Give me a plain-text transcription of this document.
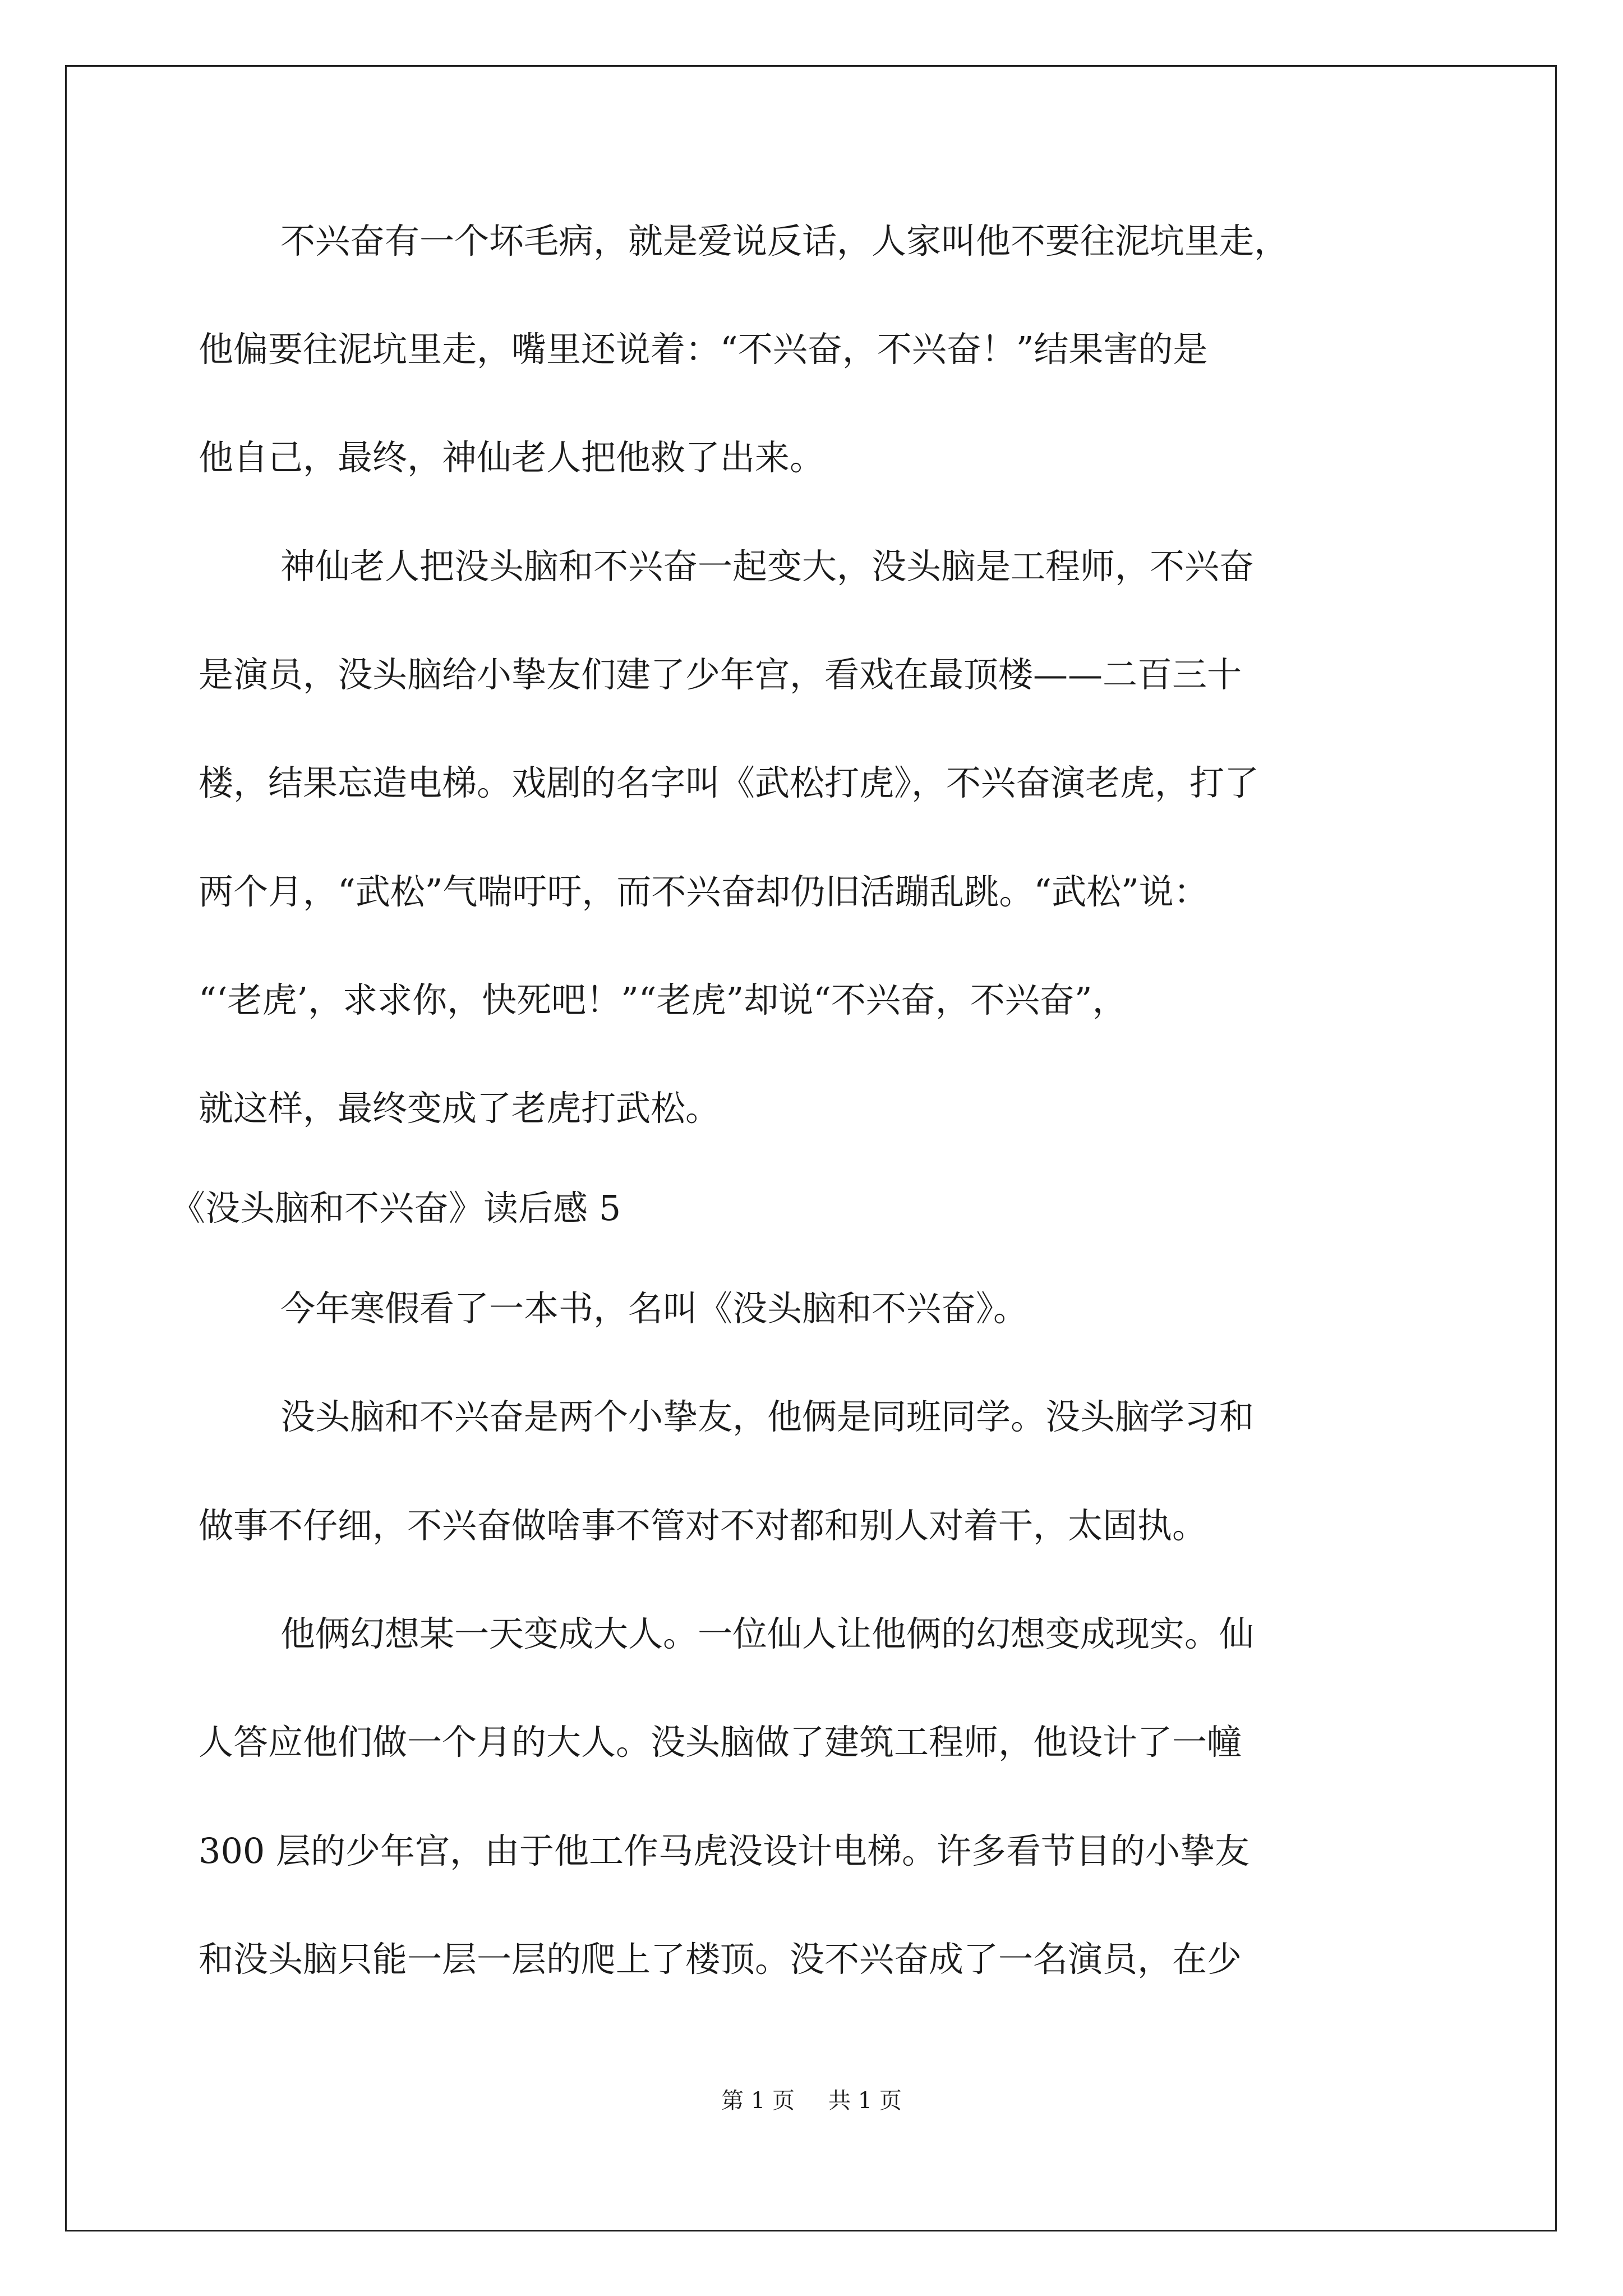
不兴奋有一个坏毛病，就是爱说反话，人家叫他不要往泥坑里走，
他偏要往泥坑里走，嘴里还说着：“不兴奋，不兴奋！”结果害的是
他自己，最终，神仙老人把他救了出来。
神仙老人把没头脑和不兴奋一起变大，没头脑是工程师，不兴奋
是演员，没头脑给小挚友们建了少年宫，看戏在最顶楼——二百三十
楼，结果忘造电梯。戏剧的名字叫《武松打虎》，不兴奋演老虎，打了
两个月，“武松”气喘吁吁，而不兴奋却仍旧活蹦乱跳。“武松”说：
“‘老虎’，求求你，快死吧！”“老虎”却说“不兴奋，不兴奋”，
就这样，最终变成了老虎打武松。
《没头脑和不兴奋》读后感 5
今年寒假看了一本书，名叫《没头脑和不兴奋》。
没头脑和不兴奋是两个小挚友，他俩是同班同学。没头脑学习和
做事不仔细，不兴奋做啥事不管对不对都和别人对着干，太固执。
他俩幻想某一天变成大人。一位仙人让他俩的幻想变成现实。仙
人答应他们做一个月的大人。没头脑做了建筑工程师，他设计了一幢
300 层的少年宫，由于他工作马虎没设计电梯。许多看节目的小挚友
和没头脑只能一层一层的爬上了楼顶。没不兴奋成了一名演员，在少
第 1 页 共 1 页
